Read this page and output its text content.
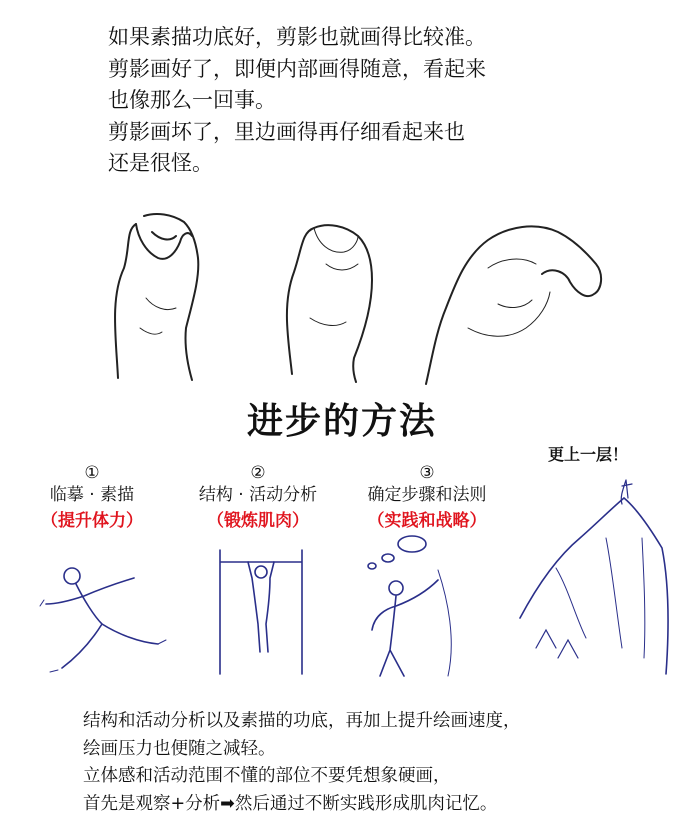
如果素描功底好，剪影也就画得比较准。
剪影画好了，即便内部画得随意，看起来
也像那么一回事。
剪影画坏了，里边画得再仔细看起来也
还是很怪。
进步的方法
①
临摹 · 素描
（提升体力）
②
结构 · 活动分析
（锻炼肌肉）
③
确定步骤和法则
（实践和战略）
更上一层！
结构和活动分析以及素描的功底，再加上提升绘画速度，
绘画压力也便随之减轻。
立体感和活动范围不懂的部位不要凭想象硬画，
首先是观察+分析➡然后通过不断实践形成肌肉记忆。
